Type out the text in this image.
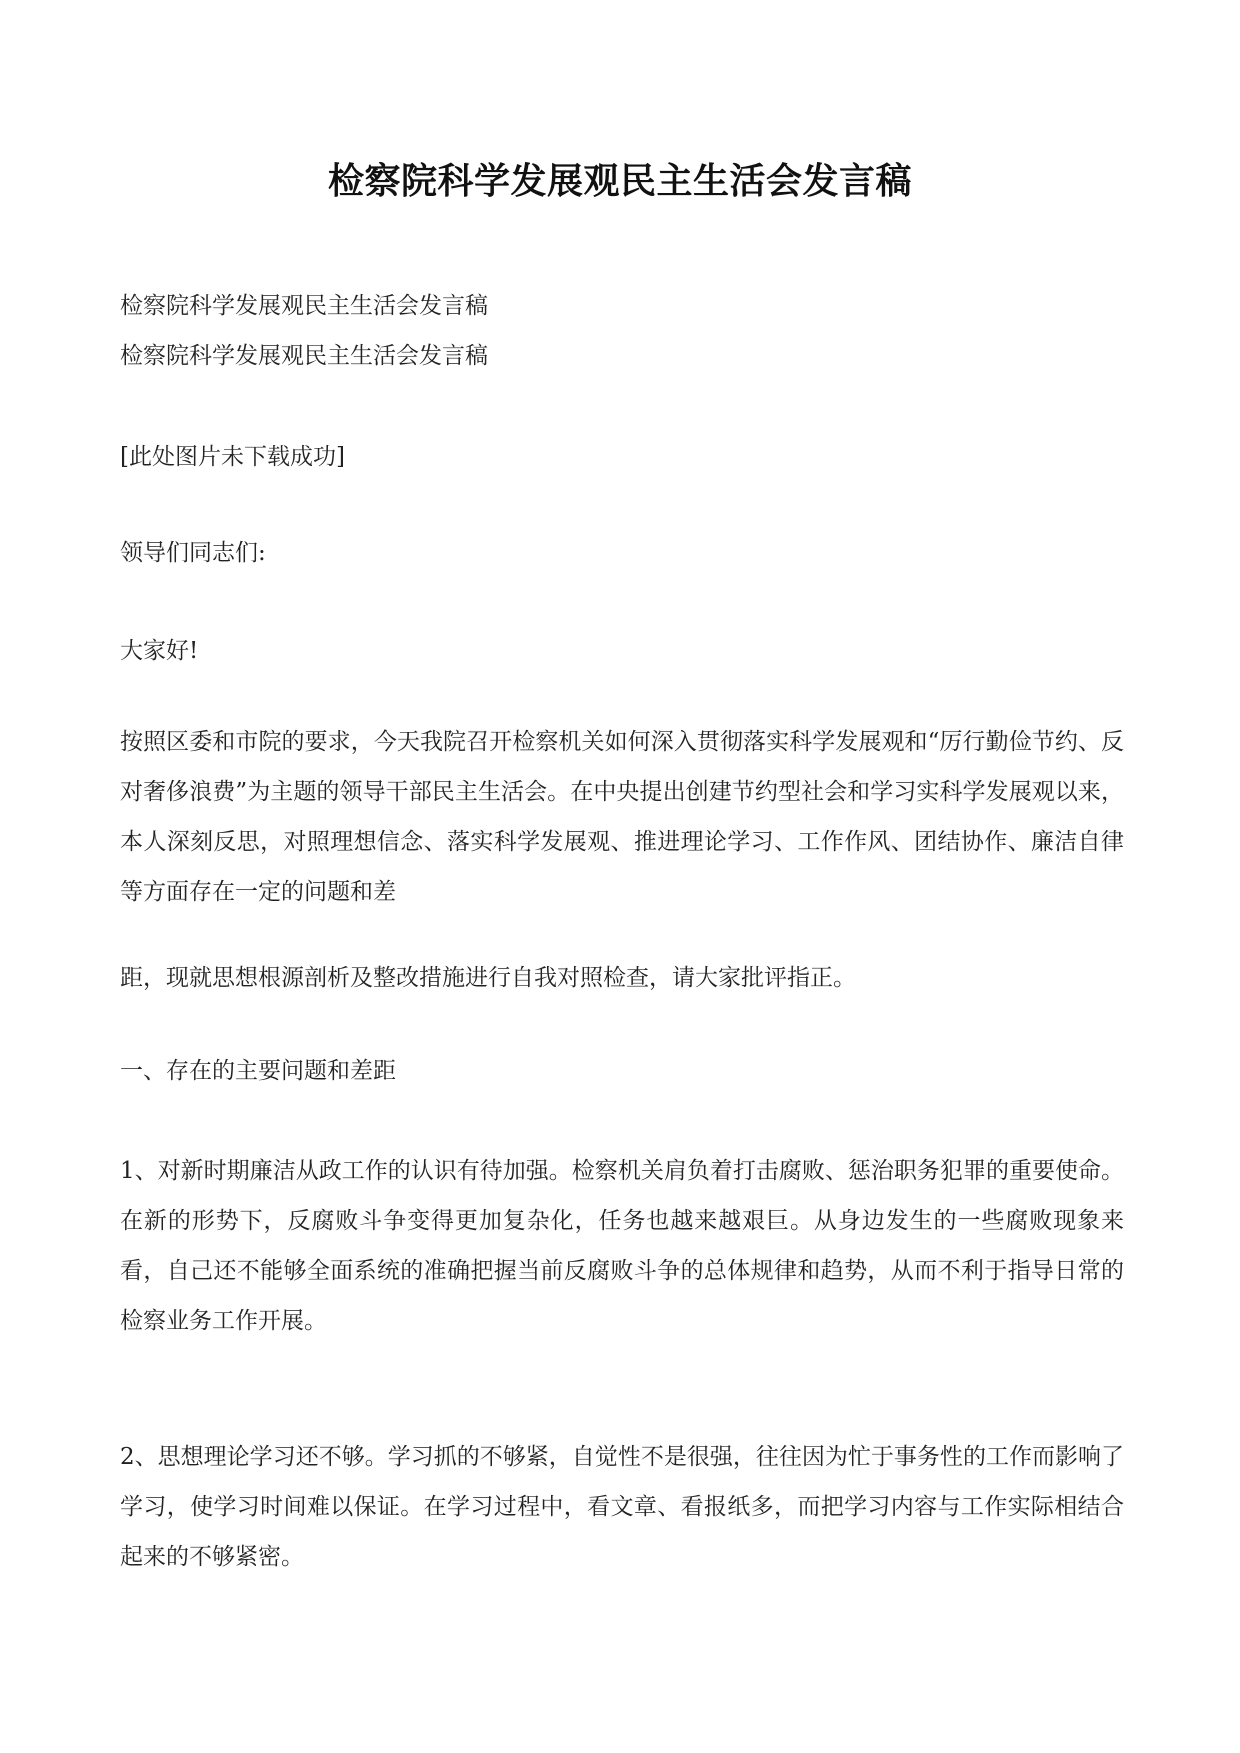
检察院科学发展观民主生活会发言稿
检察院科学发展观民主生活会发言稿
检察院科学发展观民主生活会发言稿
[此处图片未下载成功]
领导们同志们:
大家好!
按照区委和市院的要求，今天我院召开检察机关如何深入贯彻落实科学发展观和“厉行勤俭节约、反对奢侈浪费”为主题的领导干部民主生活会。在中央提出创建节约型社会和学习实科学发展观以来，本人深刻反思，对照理想信念、落实科学发展观、推进理论学习、工作作风、团结协作、廉洁自律等方面存在一定的问题和差
距，现就思想根源剖析及整改措施进行自我对照检查，请大家批评指正。
一、存在的主要问题和差距
1、对新时期廉洁从政工作的认识有待加强。检察机关肩负着打击腐败、惩治职务犯罪的重要使命。在新的形势下，反腐败斗争变得更加复杂化，任务也越来越艰巨。从身边发生的一些腐败现象来看，自己还不能够全面系统的准确把握当前反腐败斗争的总体规律和趋势，从而不利于指导日常的检察业务工作开展。
2、思想理论学习还不够。学习抓的不够紧，自觉性不是很强，往往因为忙于事务性的工作而影响了学习，使学习时间难以保证。在学习过程中，看文章、看报纸多，而把学习内容与工作实际相结合起来的不够紧密。
